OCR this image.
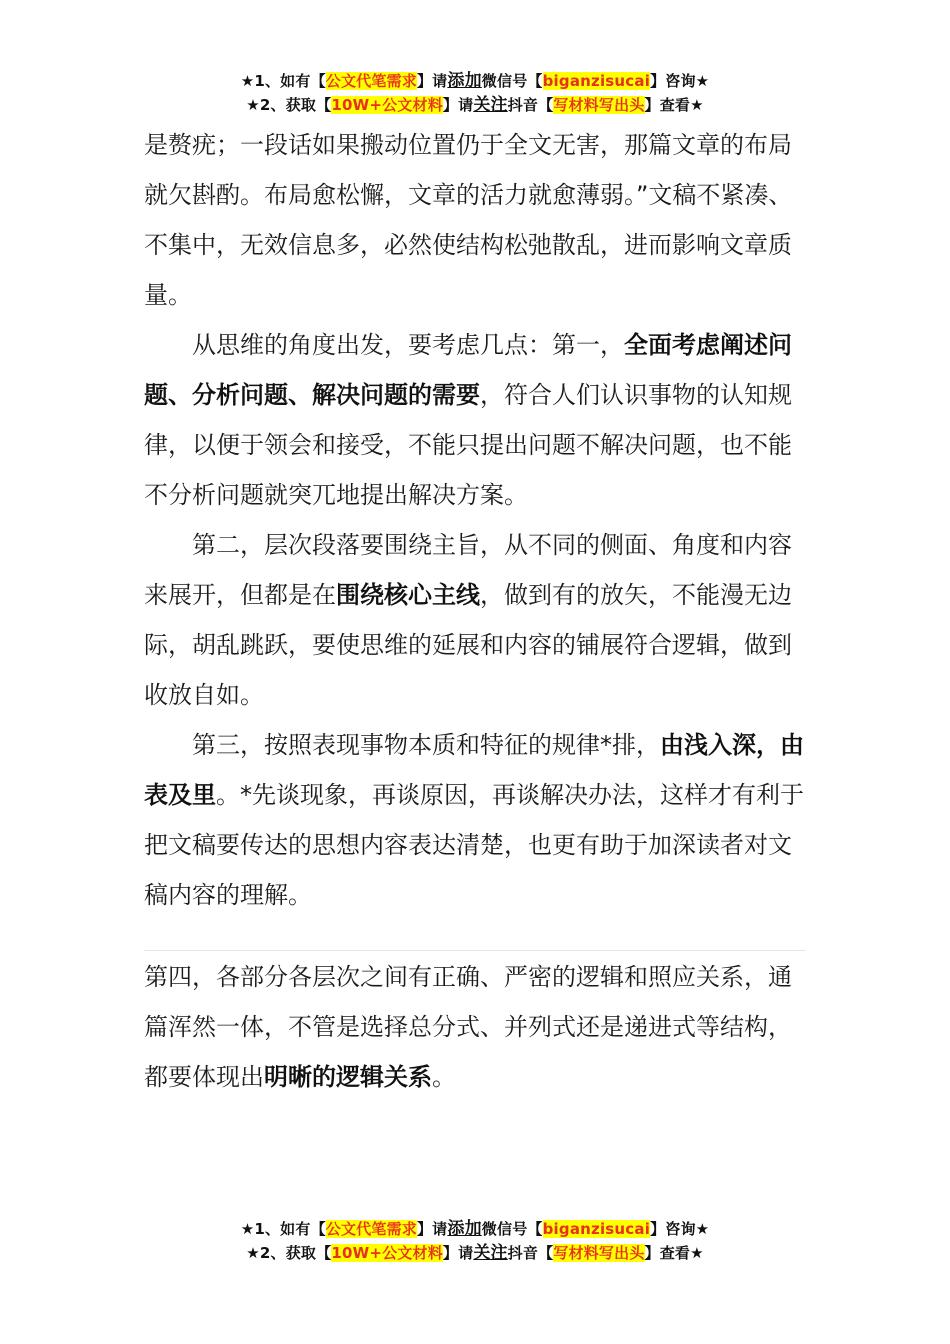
★1、如有【公文代笔需求】请添加微信号【biganzisucai】咨询★
★2、获取【10W+公文材料】请关注抖音【写材料写出头】查看★

是赘疣；一段话如果搬动位置仍于全文无害，那篇文章的布局就欠斟酌。布局愈松懈，文章的活力就愈薄弱。”文稿不紧凑、不集中，无效信息多，必然使结构松弛散乱，进而影响文章质量。

从思维的角度出发，要考虑几点：第一，全面考虑阐述问题、分析问题、解决问题的需要，符合人们认识事物的认知规律，以便于领会和接受，不能只提出问题不解决问题，也不能不分析问题就突兀地提出解决方案。

第二，层次段落要围绕主旨，从不同的侧面、角度和内容来展开，但都是在围绕核心主线，做到有的放矢，不能漫无边际，胡乱跳跃，要使思维的延展和内容的铺展符合逻辑，做到收放自如。

第三，按照表现事物本质和特征的规律*排，由浅入深，由表及里。*先谈现象，再谈原因，再谈解决办法，这样才有利于把文稿要传达的思想内容表达清楚，也更有助于加深读者对文稿内容的理解。

第四，各部分各层次之间有正确、严密的逻辑和照应关系，通篇浑然一体，不管是选择总分式、并列式还是递进式等结构，都要体现出明晰的逻辑关系。

★1、如有【公文代笔需求】请添加微信号【biganzisucai】咨询★
★2、获取【10W+公文材料】请关注抖音【写材料写出头】查看★
